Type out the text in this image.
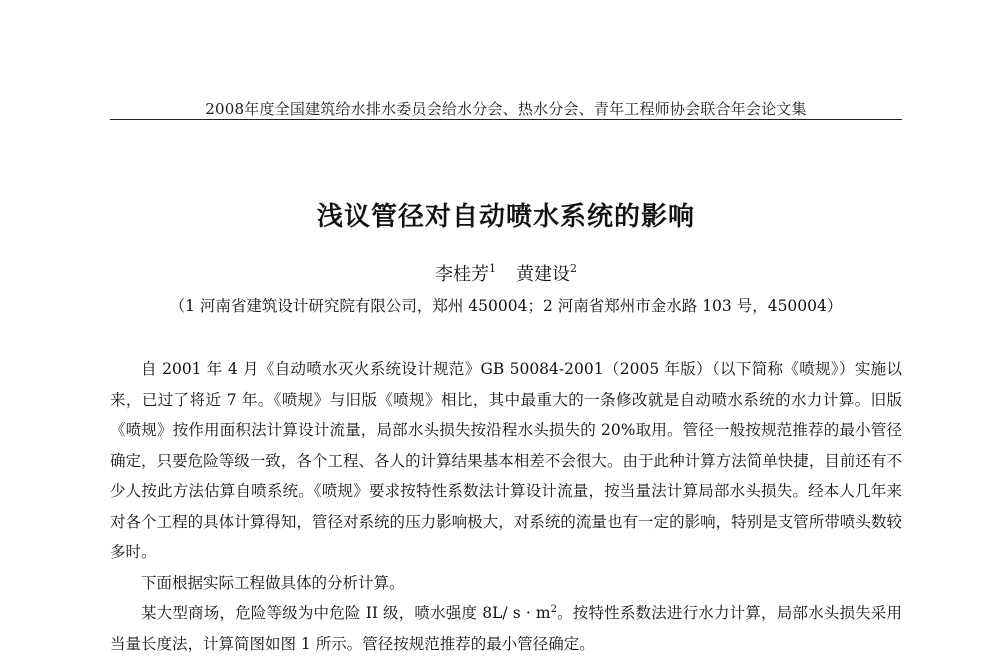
2008年度全国建筑给水排水委员会给水分会、热水分会、青年工程师协会联合年会论文集
浅议管径对自动喷水系统的影响
李桂芳$^1$ 黄建设$^2$
（1 河南省建筑设计研究院有限公司，郑州 450004；2 河南省郑州市金水路 103 号，450004）

自 2001 年 4 月《自动喷水灭火系统设计规范》GB 50084-2001（2005 年版）（以下简称《喷规》）实施以来，已过了将近 7 年。《喷规》与旧版《喷规》相比，其中最重大的一条修改就是自动喷水系统的水力计算。旧版《喷规》按作用面积法计算设计流量，局部水头损失按沿程水头损失的 20%取用。管径一般按规范推荐的最小管径确定，只要危险等级一致，各个工程、各人的计算结果基本相差不会很大。由于此种计算方法简单快捷，目前还有不少人按此方法估算自喷系统。《喷规》要求按特性系数法计算设计流量，按当量法计算局部水头损失。经本人几年来对各个工程的具体计算得知，管径对系统的压力影响极大，对系统的流量也有一定的影响，特别是支管所带喷头数较多时。

下面根据实际工程做具体的分析计算。

某大型商场，危险等级为中危险 II 级，喷水强度 8L/ $s \cdot m^2$。按特性系数法进行水力计算，局部水头损失采用当量长度法，计算简图如图 1 所示。管径按规范推荐的最小管径确定。
